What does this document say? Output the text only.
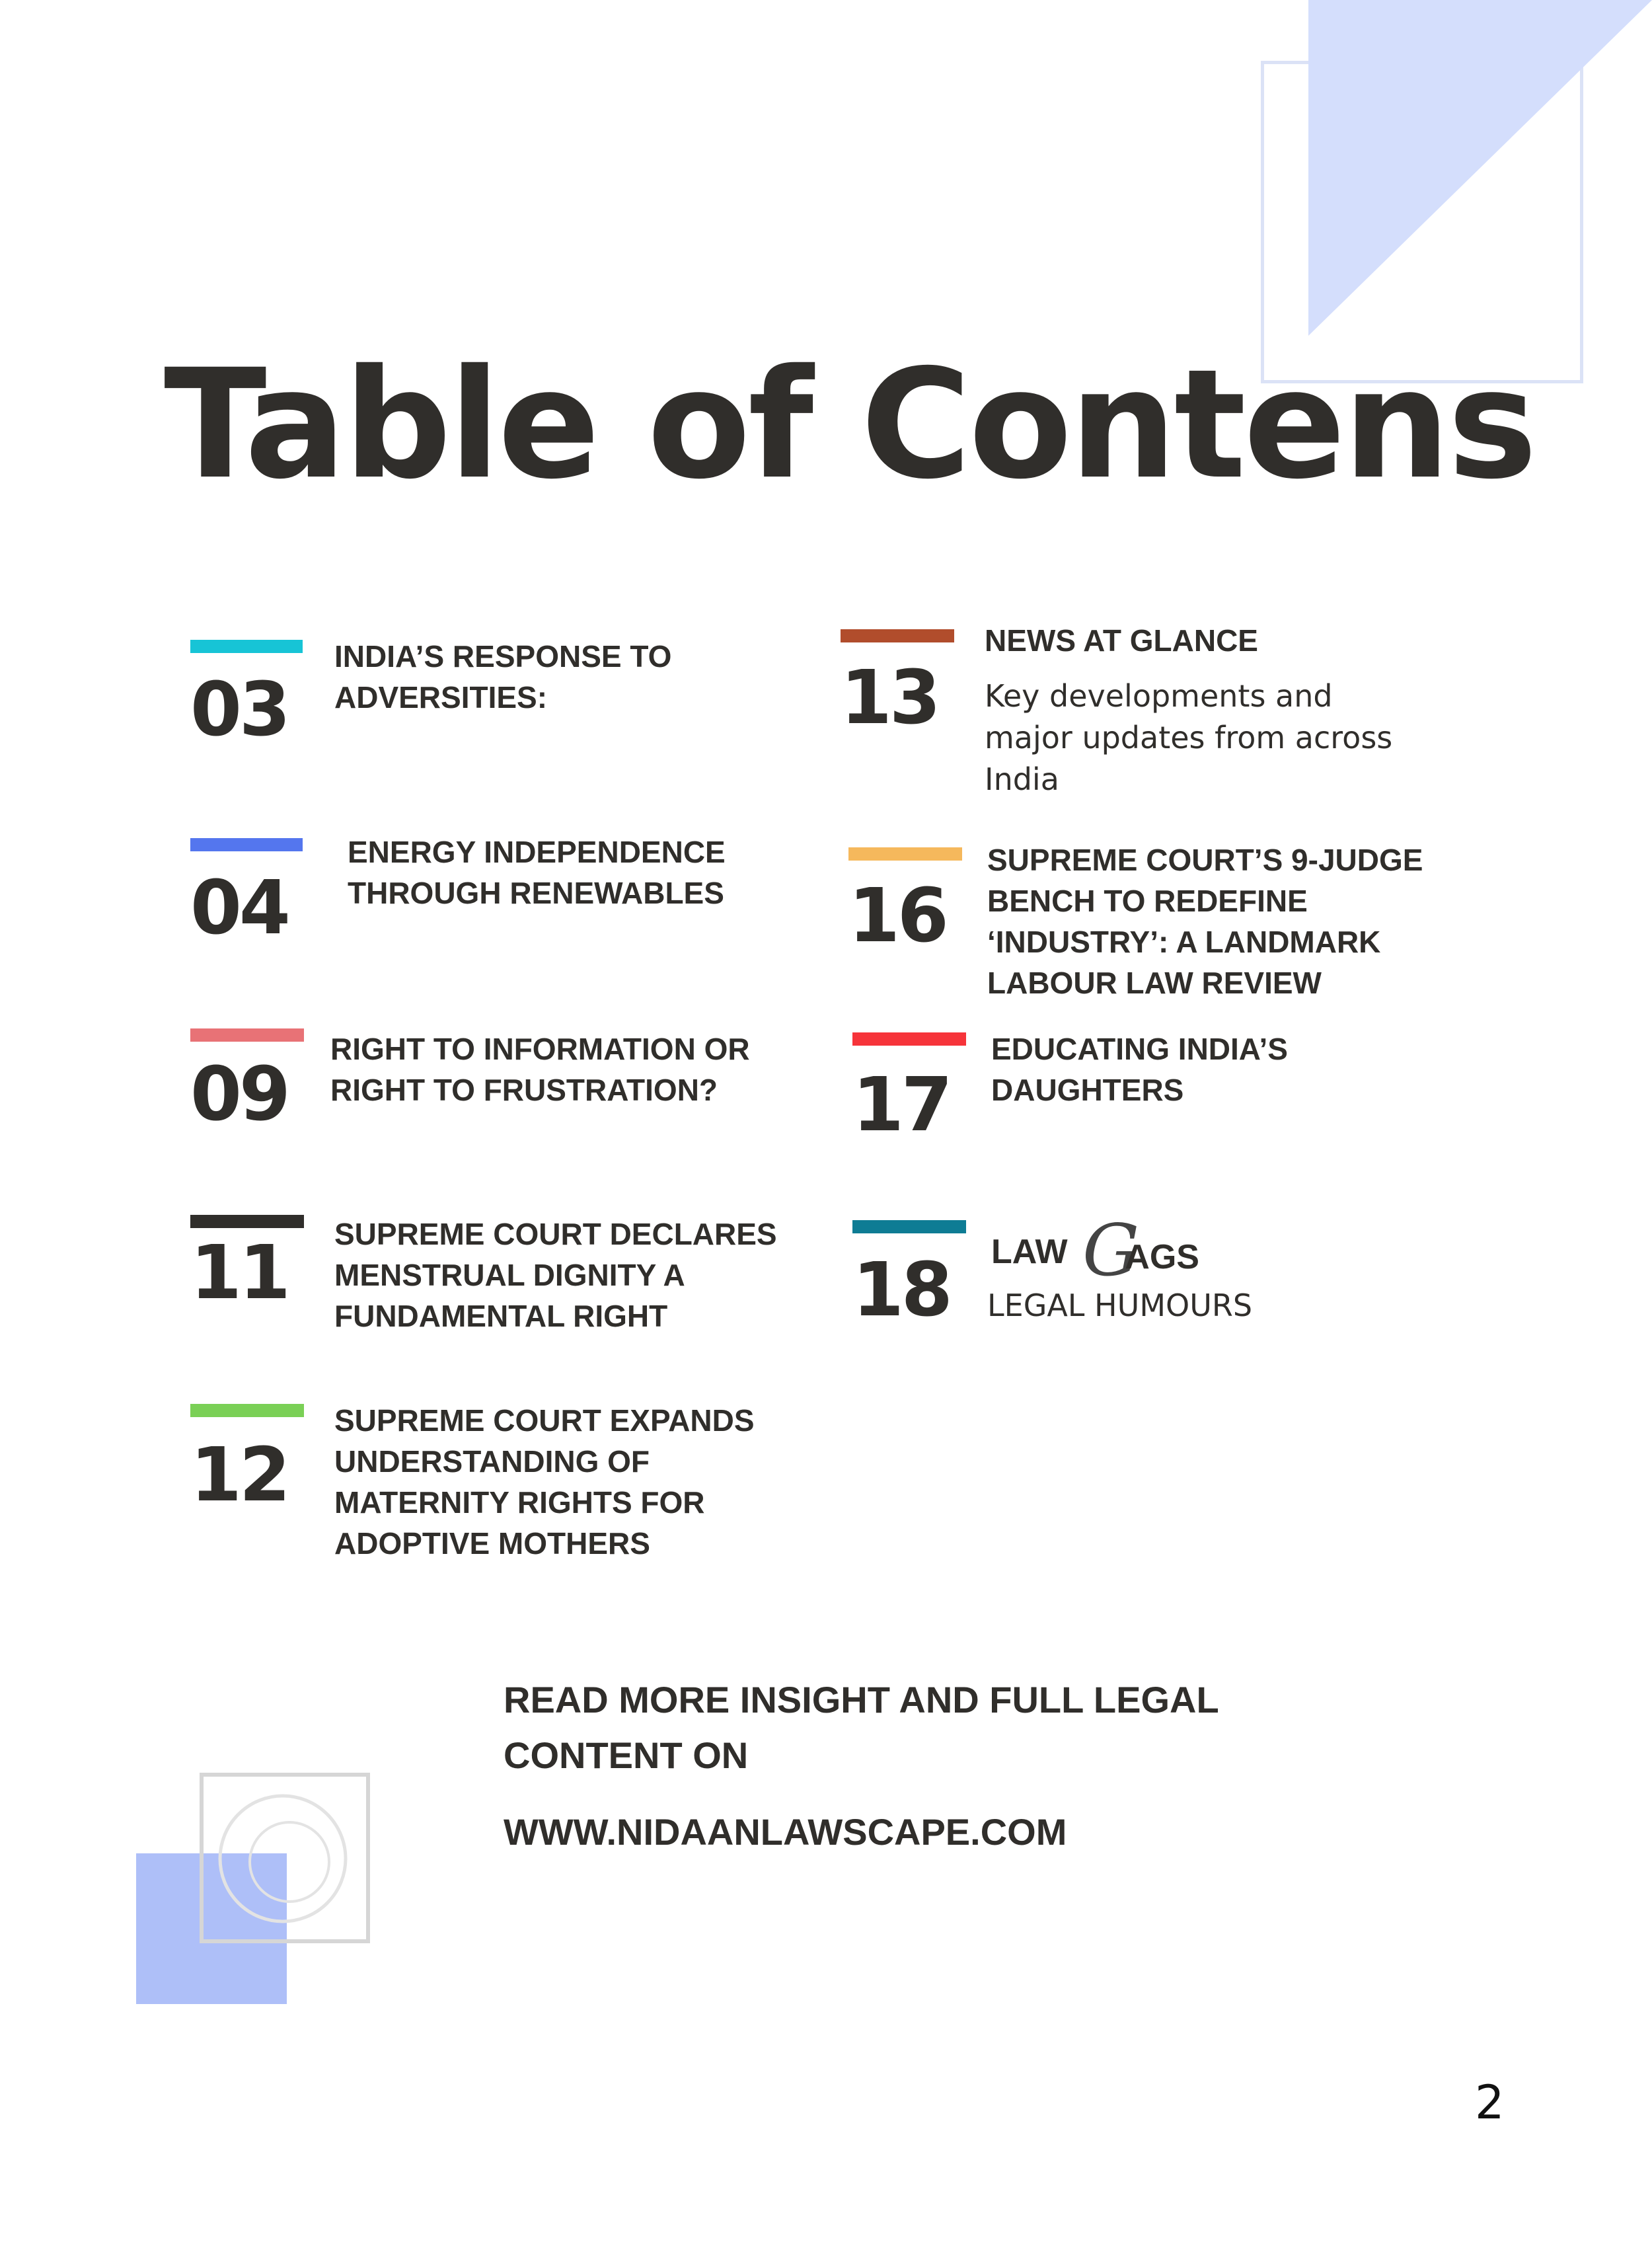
Table of Contens
03
INDIA’S RESPONSE TO
ADVERSITIES:
04
ENERGY INDEPENDENCE
THROUGH RENEWABLES
09
RIGHT TO INFORMATION OR
RIGHT TO FRUSTRATION?
11 SUPREME COURT DECLARES
MENSTRUAL DIGNITY A
FUNDAMENTAL RIGHT
12
SUPREME COURT EXPANDS
UNDERSTANDING OF
MATERNITY RIGHTS FOR
ADOPTIVE MOTHERS
13
NEWS AT GLANCE
Key developments and
major updates from across
India
16
SUPREME COURT’S 9-JUDGE
BENCH TO REDEFINE
‘INDUSTRY’: A LANDMARK
LABOUR LAW REVIEW
17
EDUCATING INDIA’S
DAUGHTERS
18 LAW GAGS
LEGAL HUMOURS
READ MORE INSIGHT AND FULL LEGAL
CONTENT ON
WWW.NIDAANLAWSCAPE.COM
2
